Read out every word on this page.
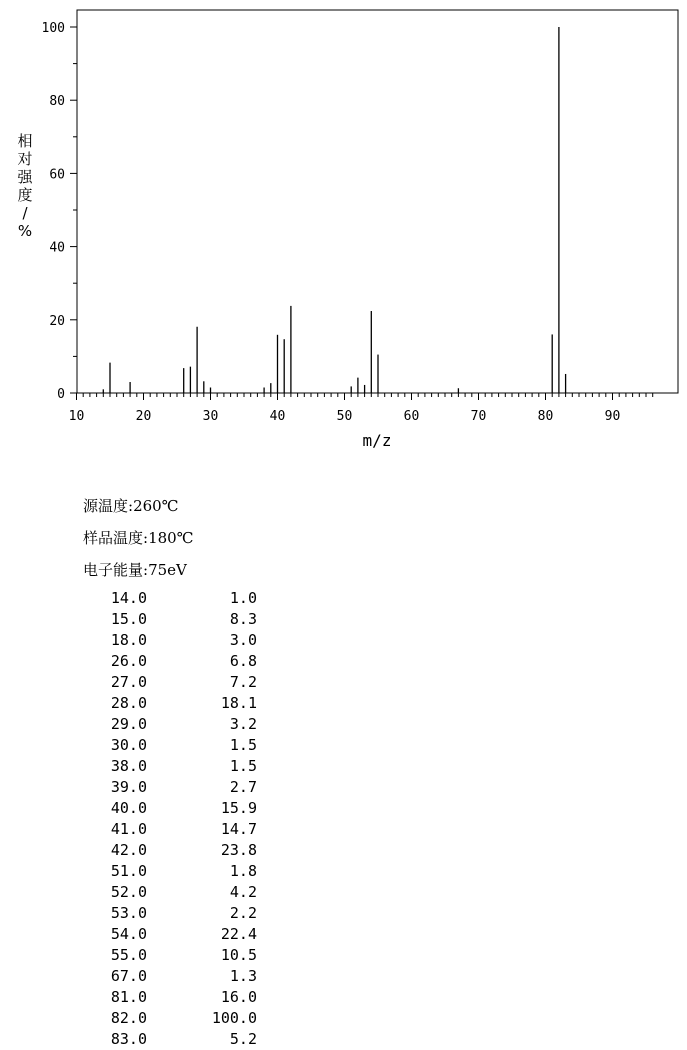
10	20	30	40	50	60	70	80	90
0
20
40
60
80
100
m/z
相对强度/ %
源温度:260℃
样品温度:180℃
电子能量:75eV
14.0	1.0
15.0	8.3
18.0	3.0
26.0	6.8
27.0	7.2
28.0	18.1
29.0	3.2
30.0	1.5
38.0	1.5
39.0	2.7
40.0	15.9
41.0	14.7
42.0	23.8
51.0	1.8
52.0	4.2
53.0	2.2
54.0	22.4
55.0	10.5
67.0	1.3
81.0	16.0
82.0	100.0
83.0	5.2
